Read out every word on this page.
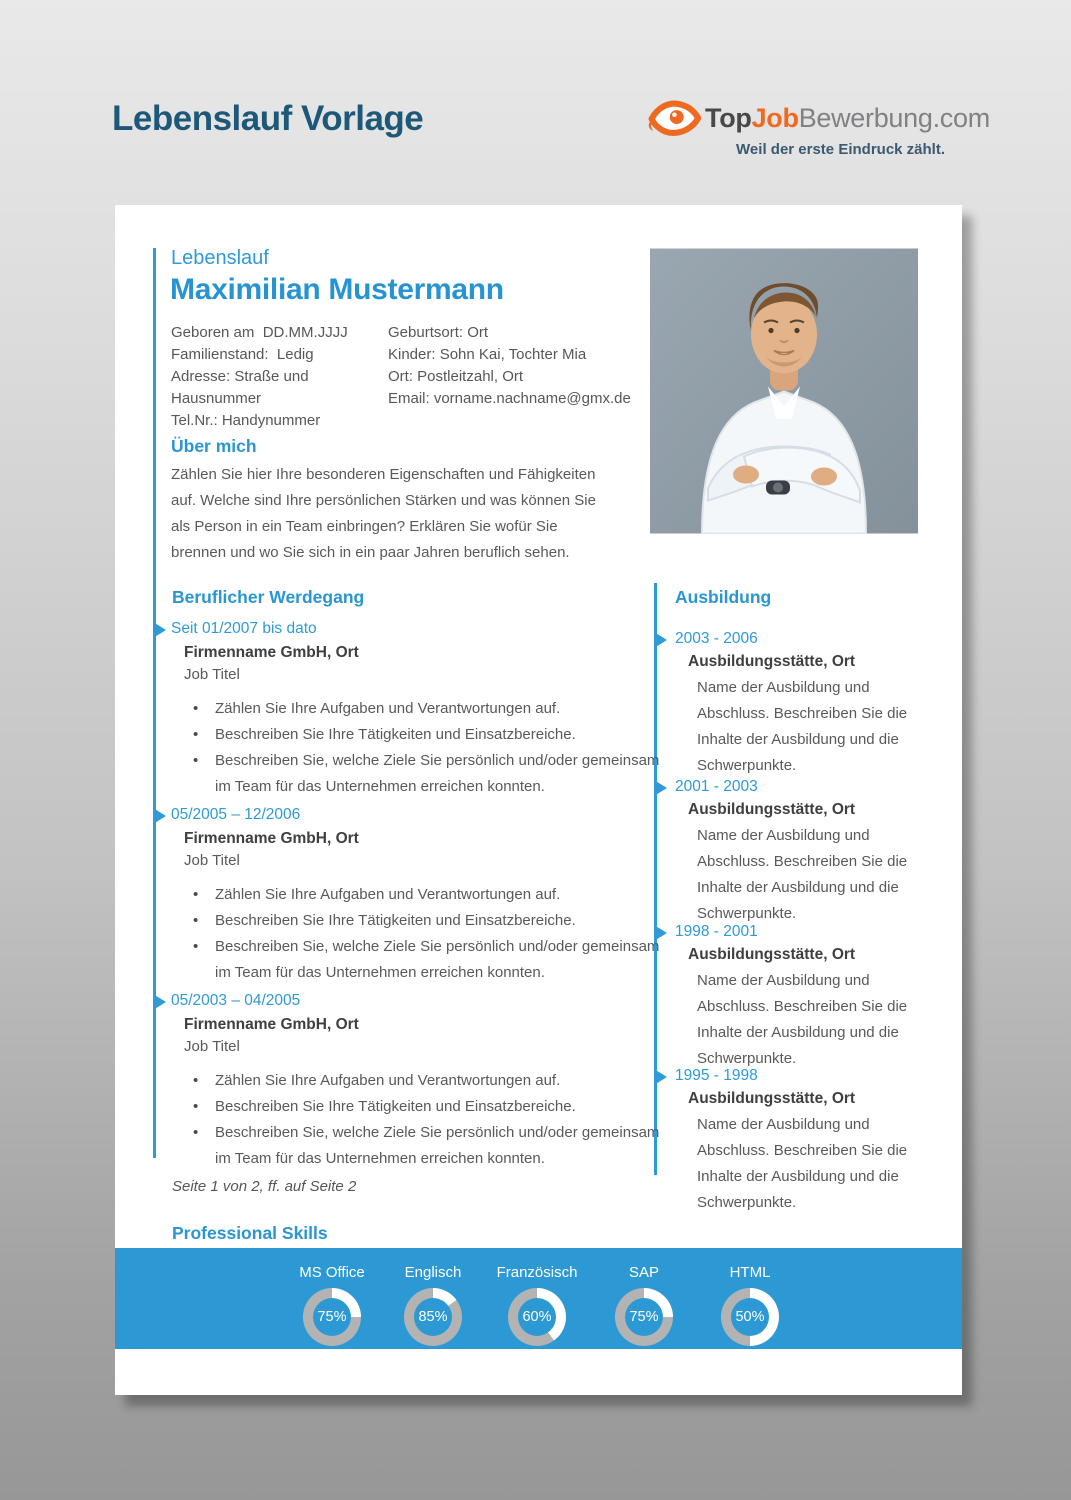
Lebenslauf Vorlage	TopJobBewerbung.com
Weil der erste Eindruck zählt.
Lebenslauf
Maximilian Mustermann
Geboren am  DD.MM.JJJJ
Familienstand:  Ledig
Adresse: Straße und Hausnummer
Tel.Nr.: Handynummer
Geburtsort: Ort
Kinder: Sohn Kai, Tochter Mia
Ort: Postleitzahl, Ort
Email: vorname.nachname@gmx.de
Über mich
Zählen Sie hier Ihre besonderen Eigenschaften und Fähigkeiten auf. Welche sind Ihre persönlichen Stärken und was können Sie als Person in ein Team einbringen? Erklären Sie wofür Sie brennen und wo Sie sich in ein paar Jahren beruflich sehen.
Beruflicher Werdegang
Seit 01/2007 bis dato
Firmenname GmbH, Ort
Job Titel
• Zählen Sie Ihre Aufgaben und Verantwortungen auf.
• Beschreiben Sie Ihre Tätigkeiten und Einsatzbereiche.
• Beschreiben Sie, welche Ziele Sie persönlich und/oder gemeinsam im Team für das Unternehmen erreichen konnten.
05/2005 – 12/2006
Firmenname GmbH, Ort
Job Titel
• Zählen Sie Ihre Aufgaben und Verantwortungen auf.
• Beschreiben Sie Ihre Tätigkeiten und Einsatzbereiche.
• Beschreiben Sie, welche Ziele Sie persönlich und/oder gemeinsam im Team für das Unternehmen erreichen konnten.
05/2003 – 04/2005
Firmenname GmbH, Ort
Job Titel
• Zählen Sie Ihre Aufgaben und Verantwortungen auf.
• Beschreiben Sie Ihre Tätigkeiten und Einsatzbereiche.
• Beschreiben Sie, welche Ziele Sie persönlich und/oder gemeinsam im Team für das Unternehmen erreichen konnten.
Ausbildung
2003 - 2006
Ausbildungsstätte, Ort
Name der Ausbildung und Abschluss. Beschreiben Sie die Inhalte der Ausbildung und die Schwerpunkte.
2001 - 2003
Ausbildungsstätte, Ort
Name der Ausbildung und Abschluss. Beschreiben Sie die Inhalte der Ausbildung und die Schwerpunkte.
1998 - 2001
Ausbildungsstätte, Ort
Name der Ausbildung und Abschluss. Beschreiben Sie die Inhalte der Ausbildung und die Schwerpunkte.
1995 - 1998
Ausbildungsstätte, Ort
Name der Ausbildung und Abschluss. Beschreiben Sie die Inhalte der Ausbildung und die Schwerpunkte.
Seite 1 von 2, ff. auf Seite 2
Professional Skills
MS Office
75%
Englisch
85%
Französisch
60%
SAP
75%
HTML
50%
